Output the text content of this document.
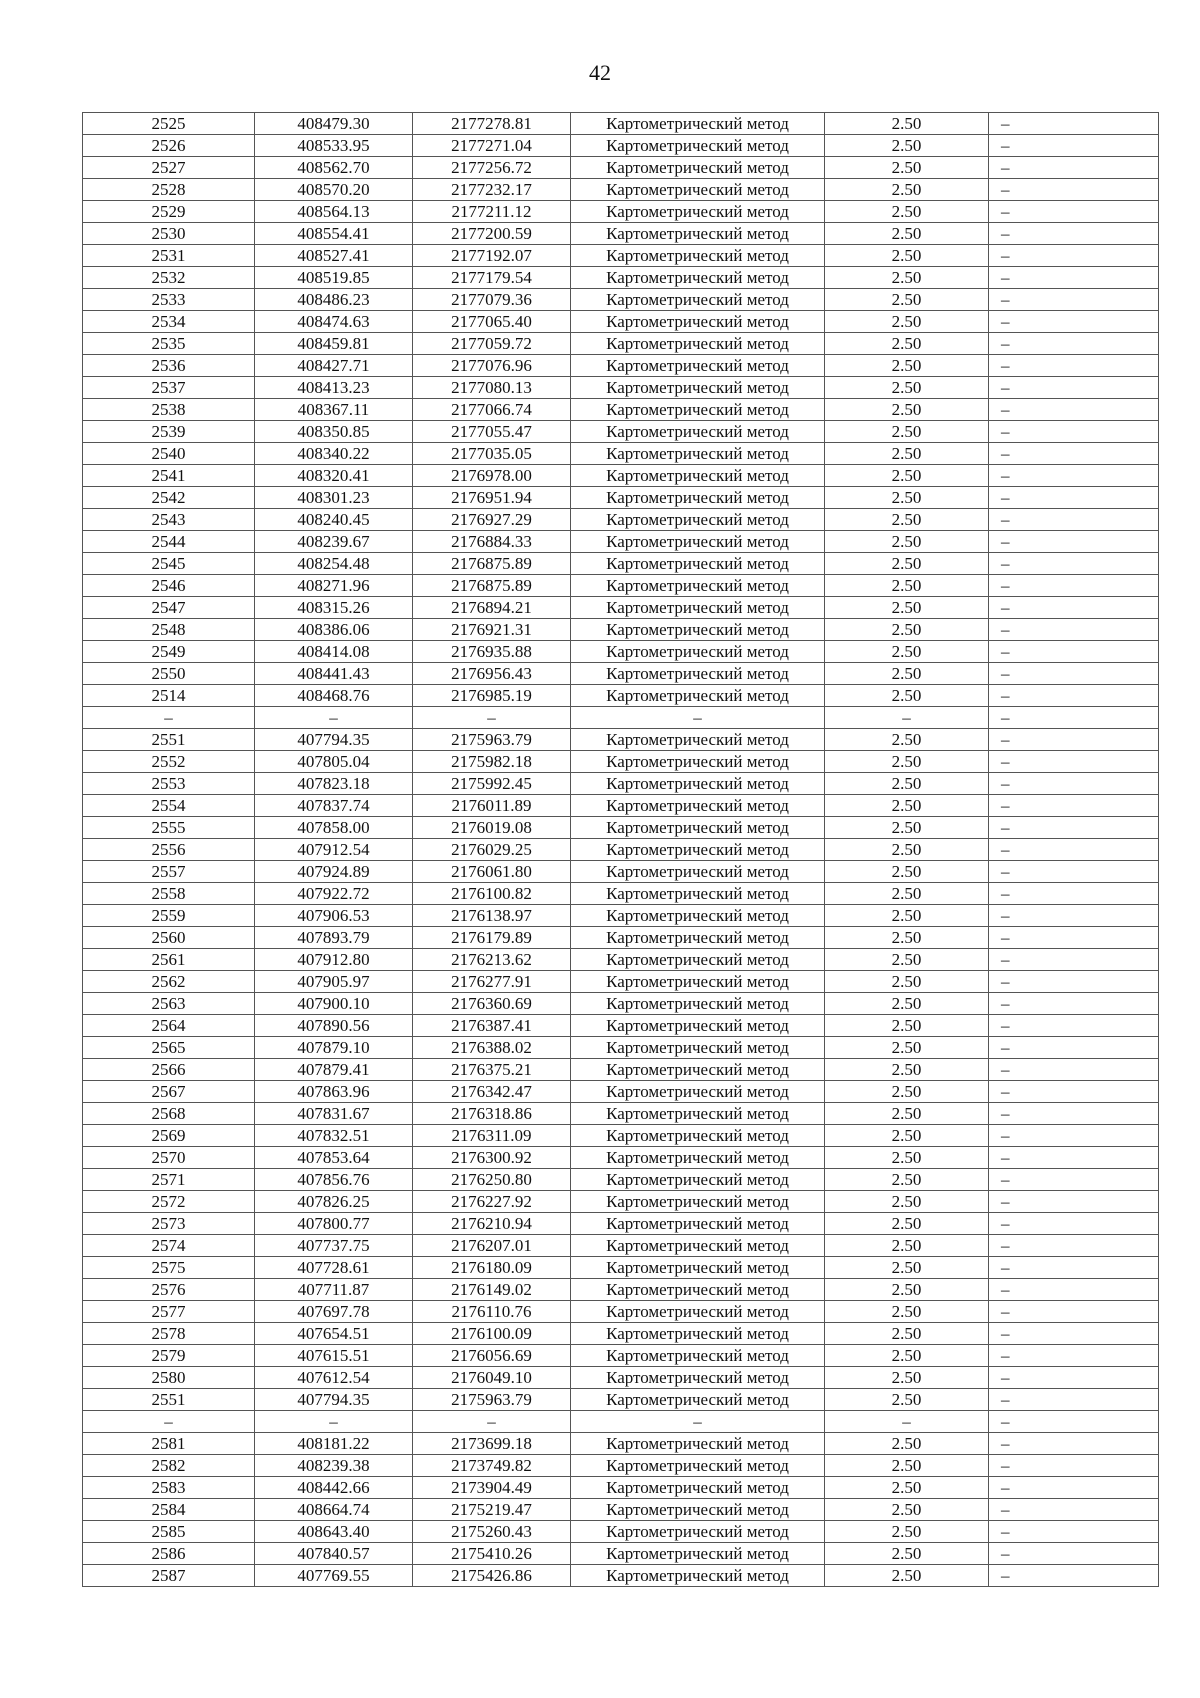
42
2525	408479.30	2177278.81	Картометрический метод	2.50	–
2526	408533.95	2177271.04	Картометрический метод	2.50	–
2527	408562.70	2177256.72	Картометрический метод	2.50	–
2528	408570.20	2177232.17	Картометрический метод	2.50	–
2529	408564.13	2177211.12	Картометрический метод	2.50	–
2530	408554.41	2177200.59	Картометрический метод	2.50	–
2531	408527.41	2177192.07	Картометрический метод	2.50	–
2532	408519.85	2177179.54	Картометрический метод	2.50	–
2533	408486.23	2177079.36	Картометрический метод	2.50	–
2534	408474.63	2177065.40	Картометрический метод	2.50	–
2535	408459.81	2177059.72	Картометрический метод	2.50	–
2536	408427.71	2177076.96	Картометрический метод	2.50	–
2537	408413.23	2177080.13	Картометрический метод	2.50	–
2538	408367.11	2177066.74	Картометрический метод	2.50	–
2539	408350.85	2177055.47	Картометрический метод	2.50	–
2540	408340.22	2177035.05	Картометрический метод	2.50	–
2541	408320.41	2176978.00	Картометрический метод	2.50	–
2542	408301.23	2176951.94	Картометрический метод	2.50	–
2543	408240.45	2176927.29	Картометрический метод	2.50	–
2544	408239.67	2176884.33	Картометрический метод	2.50	–
2545	408254.48	2176875.89	Картометрический метод	2.50	–
2546	408271.96	2176875.89	Картометрический метод	2.50	–
2547	408315.26	2176894.21	Картометрический метод	2.50	–
2548	408386.06	2176921.31	Картометрический метод	2.50	–
2549	408414.08	2176935.88	Картометрический метод	2.50	–
2550	408441.43	2176956.43	Картометрический метод	2.50	–
2514	408468.76	2176985.19	Картометрический метод	2.50	–
–	–	–	–	–	–
2551	407794.35	2175963.79	Картометрический метод	2.50	–
2552	407805.04	2175982.18	Картометрический метод	2.50	–
2553	407823.18	2175992.45	Картометрический метод	2.50	–
2554	407837.74	2176011.89	Картометрический метод	2.50	–
2555	407858.00	2176019.08	Картометрический метод	2.50	–
2556	407912.54	2176029.25	Картометрический метод	2.50	–
2557	407924.89	2176061.80	Картометрический метод	2.50	–
2558	407922.72	2176100.82	Картометрический метод	2.50	–
2559	407906.53	2176138.97	Картометрический метод	2.50	–
2560	407893.79	2176179.89	Картометрический метод	2.50	–
2561	407912.80	2176213.62	Картометрический метод	2.50	–
2562	407905.97	2176277.91	Картометрический метод	2.50	–
2563	407900.10	2176360.69	Картометрический метод	2.50	–
2564	407890.56	2176387.41	Картометрический метод	2.50	–
2565	407879.10	2176388.02	Картометрический метод	2.50	–
2566	407879.41	2176375.21	Картометрический метод	2.50	–
2567	407863.96	2176342.47	Картометрический метод	2.50	–
2568	407831.67	2176318.86	Картометрический метод	2.50	–
2569	407832.51	2176311.09	Картометрический метод	2.50	–
2570	407853.64	2176300.92	Картометрический метод	2.50	–
2571	407856.76	2176250.80	Картометрический метод	2.50	–
2572	407826.25	2176227.92	Картометрический метод	2.50	–
2573	407800.77	2176210.94	Картометрический метод	2.50	–
2574	407737.75	2176207.01	Картометрический метод	2.50	–
2575	407728.61	2176180.09	Картометрический метод	2.50	–
2576	407711.87	2176149.02	Картометрический метод	2.50	–
2577	407697.78	2176110.76	Картометрический метод	2.50	–
2578	407654.51	2176100.09	Картометрический метод	2.50	–
2579	407615.51	2176056.69	Картометрический метод	2.50	–
2580	407612.54	2176049.10	Картометрический метод	2.50	–
2551	407794.35	2175963.79	Картометрический метод	2.50	–
–	–	–	–	–	–
2581	408181.22	2173699.18	Картометрический метод	2.50	–
2582	408239.38	2173749.82	Картометрический метод	2.50	–
2583	408442.66	2173904.49	Картометрический метод	2.50	–
2584	408664.74	2175219.47	Картометрический метод	2.50	–
2585	408643.40	2175260.43	Картометрический метод	2.50	–
2586	407840.57	2175410.26	Картометрический метод	2.50	–
2587	407769.55	2175426.86	Картометрический метод	2.50	–
